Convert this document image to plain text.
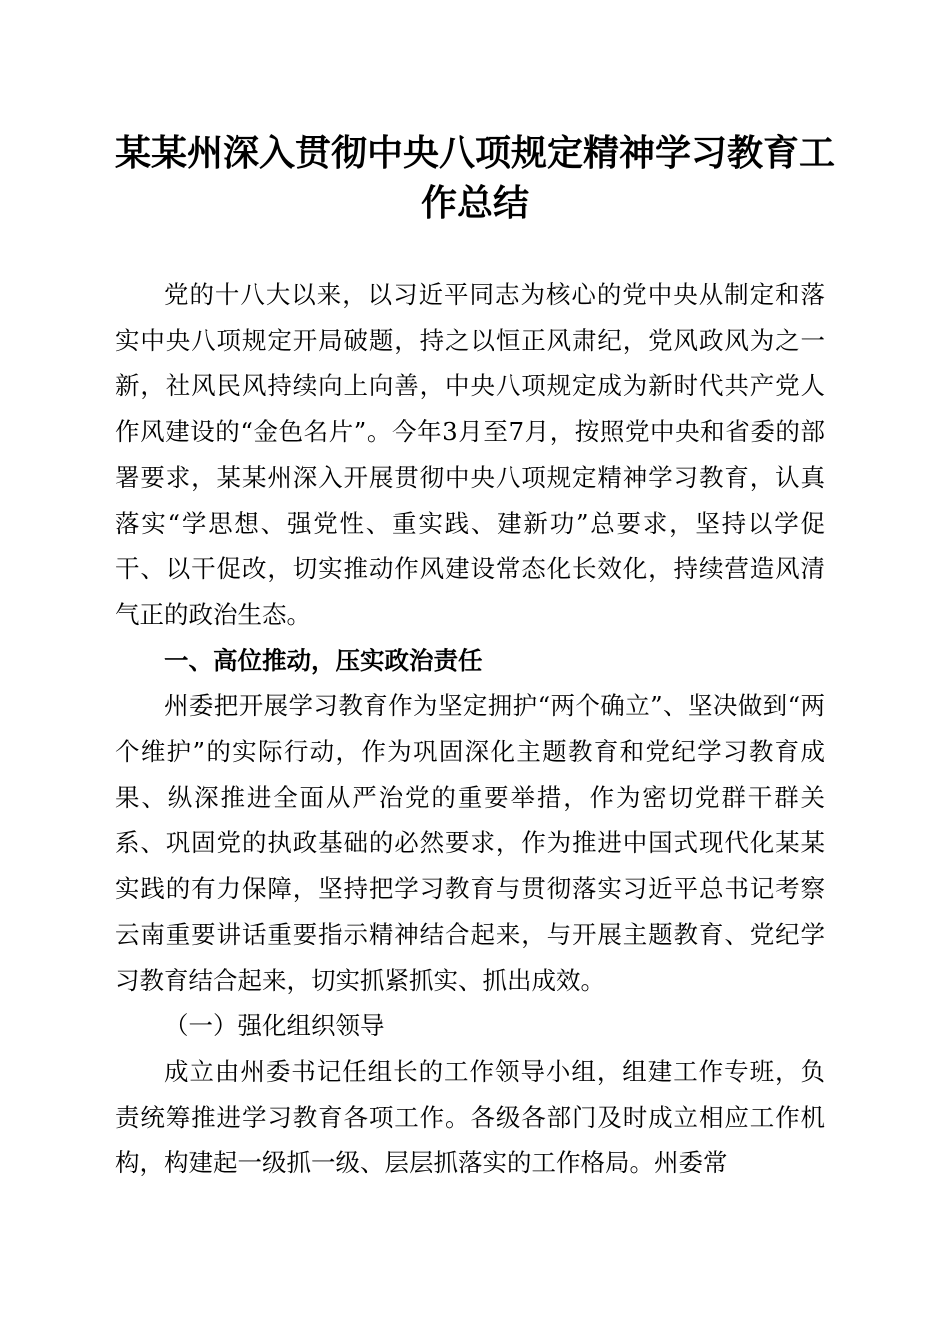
某某州深入贯彻中央八项规定精神学习教育工作总结

党的十八大以来，以习近平同志为核心的党中央从制定和落实中央八项规定开局破题，持之以恒正风肃纪，党风政风为之一新，社风民风持续向上向善，中央八项规定成为新时代共产党人作风建设的“金色名片”。今年3月至7月，按照党中央和省委的部署要求，某某州深入开展贯彻中央八项规定精神学习教育，认真落实“学思想、强党性、重实践、建新功”总要求，坚持以学促干、以干促改，切实推动作风建设常态化长效化，持续营造风清气正的政治生态。

一、高位推动，压实政治责任

州委把开展学习教育作为坚定拥护“两个确立”、坚决做到“两个维护”的实际行动，作为巩固深化主题教育和党纪学习教育成果、纵深推进全面从严治党的重要举措，作为密切党群干群关系、巩固党的执政基础的必然要求，作为推进中国式现代化某某实践的有力保障，坚持把学习教育与贯彻落实习近平总书记考察云南重要讲话重要指示精神结合起来，与开展主题教育、党纪学习教育结合起来，切实抓紧抓实、抓出成效。

（一）强化组织领导

成立由州委书记任组长的工作领导小组，组建工作专班，负责统筹推进学习教育各项工作。各级各部门及时成立相应工作机构，构建起一级抓一级、层层抓落实的工作格局。州委常
